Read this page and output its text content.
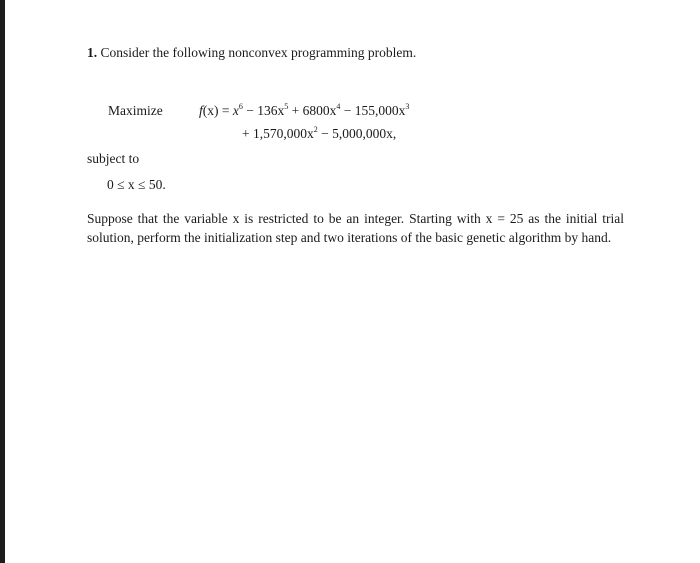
1. Consider the following nonconvex programming problem.
Maximize	$f(x) = x^6 - 136x^5 + 6800x^4 - 155,000x^3$
+ $1,570,000x^2 - 5,000,000x$,
subject to
0 ≤ x ≤ 50.
Suppose that the variable x is restricted to be an integer. Starting with x = 25 as the initial trial solution, perform the initialization step and two iterations of the basic genetic algorithm by hand.
